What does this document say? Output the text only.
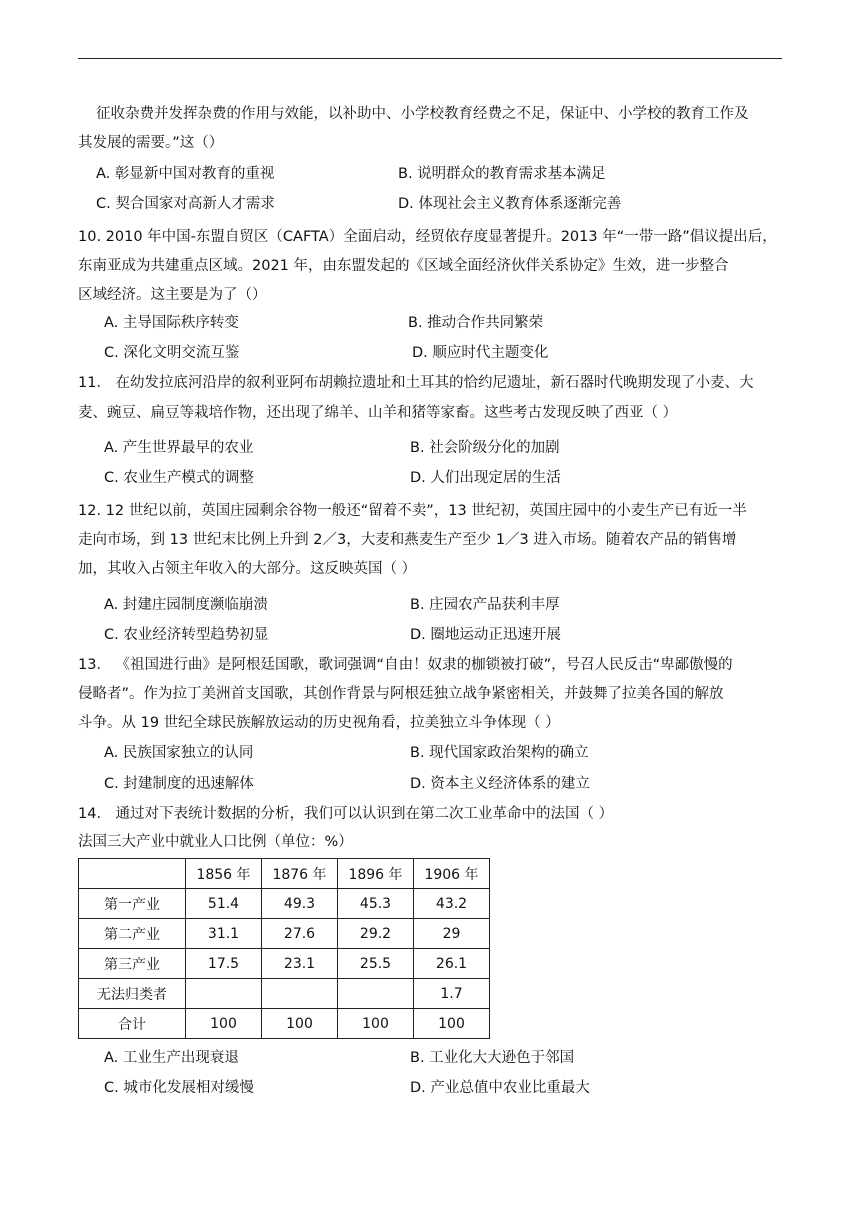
征收杂费并发挥杂费的作用与效能，以补助中、小学校教育经费之不足，保证中、小学校的教育工作及
其发展的需要。”这（）
A. 彰显新中国对教育的重视	B. 说明群众的教育需求基本满足
C. 契合国家对高新人才需求	D. 体现社会主义教育体系逐渐完善
10. 2010 年中国-东盟自贸区（CAFTA）全面启动，经贸依存度显著提升。2013 年“一带一路”倡议提出后，
东南亚成为共建重点区域。2021 年，由东盟发起的《区域全面经济伙伴关系协定》生效，进一步整合
区域经济。这主要是为了（）
A. 主导国际秩序转变	B. 推动合作共同繁荣
C. 深化文明交流互鉴	D. 顺应时代主题变化
11． 在幼发拉底河沿岸的叙利亚阿布胡赖拉遗址和土耳其的恰约尼遗址，新石器时代晚期发现了小麦、大
麦、豌豆、扁豆等栽培作物，还出现了绵羊、山羊和猪等家畜。这些考古发现反映了西亚（ ）
A. 产生世界最早的农业	B. 社会阶级分化的加剧
C. 农业生产模式的调整	D. 人们出现定居的生活
12. 12 世纪以前，英国庄园剩余谷物一般还“留着不卖”，13 世纪初，英国庄园中的小麦生产已有近一半
走向市场，到 13 世纪末比例上升到 2／3，大麦和燕麦生产至少 1／3 进入市场。随着农产品的销售增
加，其收入占领主年收入的大部分。这反映英国（ ）
A. 封建庄园制度濒临崩溃	B. 庄园农产品获利丰厚
C. 农业经济转型趋势初显	D. 圈地运动正迅速开展
13． 《祖国进行曲》是阿根廷国歌，歌词强调“自由！奴隶的枷锁被打破”，号召人民反击“卑鄙傲慢的
侵略者”。作为拉丁美洲首支国歌，其创作背景与阿根廷独立战争紧密相关，并鼓舞了拉美各国的解放
斗争。从 19 世纪全球民族解放运动的历史视角看，拉美独立斗争体现（ ）
A. 民族国家独立的认同	B. 现代国家政治架构的确立
C. 封建制度的迅速解体	D. 资本主义经济体系的建立
14． 通过对下表统计数据的分析，我们可以认识到在第二次工业革命中的法国（ ）
法国三大产业中就业人口比例（单位：%）
	1856 年	1876 年	1896 年	1906 年
第一产业	51.4	49.3	45.3	43.2
第二产业	31.1	27.6	29.2	29
第三产业	17.5	23.1	25.5	26.1
无法归类者				1.7
合计	100	100	100	100
A. 工业生产出现衰退	B. 工业化大大逊色于邻国
C. 城市化发展相对缓慢	D. 产业总值中农业比重最大
